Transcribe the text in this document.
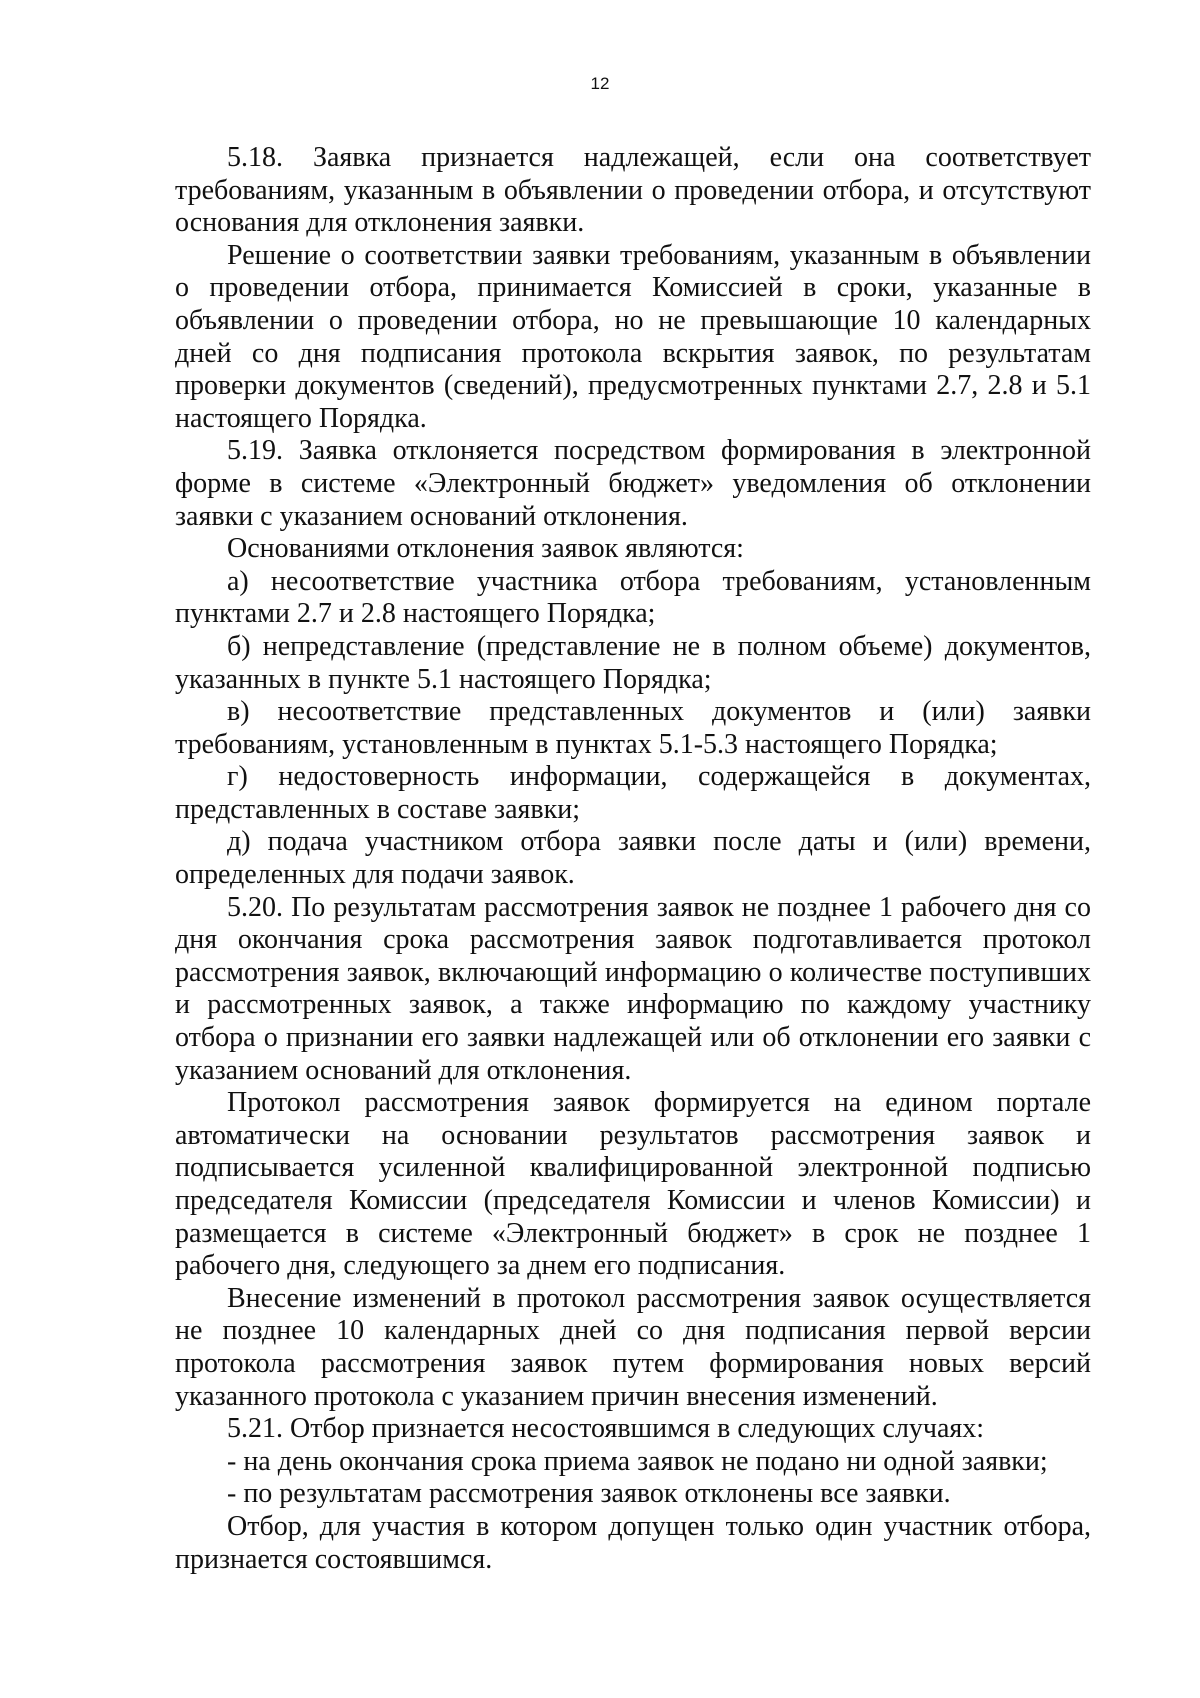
12

5.18. Заявка признается надлежащей, если она соответствует требованиям, указанным в объявлении о проведении отбора, и отсутствуют основания для отклонения заявки.

Решение о соответствии заявки требованиям, указанным в объявлении о проведении отбора, принимается Комиссией в сроки, указанные в объявлении о проведении отбора, но не превышающие 10 календарных дней со дня подписания протокола вскрытия заявок, по результатам проверки документов (сведений), предусмотренных пунктами 2.7, 2.8 и 5.1 настоящего Порядка.

5.19. Заявка отклоняется посредством формирования в электронной форме в системе «Электронный бюджет» уведомления об отклонении заявки с указанием оснований отклонения.

Основаниями отклонения заявок являются:

а) несоответствие участника отбора требованиям, установленным пунктами 2.7 и 2.8 настоящего Порядка;

б) непредставление (представление не в полном объеме) документов, указанных в пункте 5.1 настоящего Порядка;

в) несоответствие представленных документов и (или) заявки требованиям, установленным в пунктах 5.1-5.3 настоящего Порядка;

г) недостоверность информации, содержащейся в документах, представленных в составе заявки;

д) подача участником отбора заявки после даты и (или) времени, определенных для подачи заявок.

5.20. По результатам рассмотрения заявок не позднее 1 рабочего дня со дня окончания срока рассмотрения заявок подготавливается протокол рассмотрения заявок, включающий информацию о количестве поступивших и рассмотренных заявок, а также информацию по каждому участнику отбора о признании его заявки надлежащей или об отклонении его заявки с указанием оснований для отклонения.

Протокол рассмотрения заявок формируется на едином портале автоматически на основании результатов рассмотрения заявок и подписывается усиленной квалифицированной электронной подписью председателя Комиссии (председателя Комиссии и членов Комиссии) и размещается в системе «Электронный бюджет» в срок не позднее 1 рабочего дня, следующего за днем его подписания.

Внесение изменений в протокол рассмотрения заявок осуществляется не позднее 10 календарных дней со дня подписания первой версии протокола рассмотрения заявок путем формирования новых версий указанного протокола с указанием причин внесения изменений.

5.21. Отбор признается несостоявшимся в следующих случаях:

- на день окончания срока приема заявок не подано ни одной заявки;

- по результатам рассмотрения заявок отклонены все заявки.

Отбор, для участия в котором допущен только один участник отбора, признается состоявшимся.
